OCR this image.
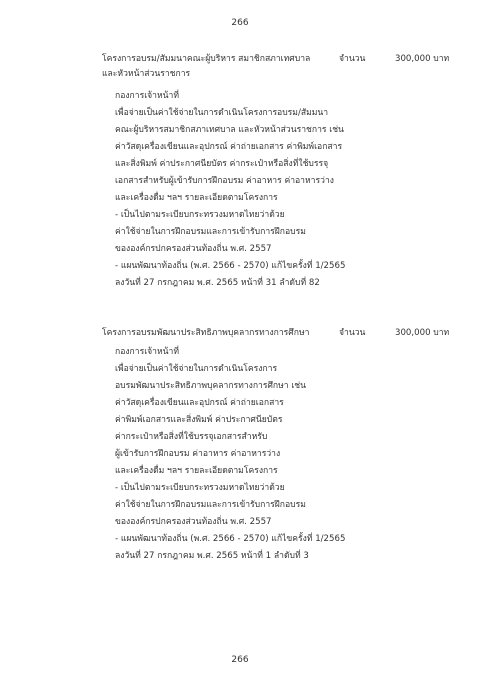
266
โครงการอบรม/สัมมนาคณะผู้บริหาร สมาชิกสภาเทศบาล และหัวหน้าส่วนราชการ
จำนวน	300,000 บาท
กองการเจ้าหน้าที่
เพื่อจ่ายเป็นค่าใช้จ่ายในการดำเนินโครงการอบรม/สัมมนา
คณะผู้บริหารสมาชิกสภาเทศบาล และหัวหน้าส่วนราชการ เช่น
ค่าวัสดุเครื่องเขียนและอุปกรณ์ ค่าถ่ายเอกสาร ค่าพิมพ์เอกสาร
และสิ่งพิมพ์ ค่าประกาศนียบัตร ค่ากระเป๋าหรือสิ่งที่ใช้บรรจุ
เอกสารสำหรับผู้เข้ารับการฝึกอบรม ค่าอาหาร ค่าอาหารว่าง
และเครื่องดื่ม ฯลฯ รายละเอียดตามโครงการ
- เป็นไปตามระเบียบกระทรวงมหาดไทยว่าด้วย
ค่าใช้จ่ายในการฝึกอบรมและการเข้ารับการฝึกอบรม
ขององค์กรปกครองส่วนท้องถิ่น พ.ศ. 2557
- แผนพัฒนาท้องถิ่น (พ.ศ. 2566 - 2570) แก้ไขครั้งที่ 1/2565
ลงวันที่ 27 กรกฎาคม พ.ศ. 2565 หน้าที่ 31 ลำดับที่ 82
โครงการอบรมพัฒนาประสิทธิภาพบุคลากรทางการศึกษา	จำนวน	300,000 บาท
กองการเจ้าหน้าที่
เพื่อจ่ายเป็นค่าใช้จ่ายในการดำเนินโครงการ
อบรมพัฒนาประสิทธิภาพบุคลากรทางการศึกษา เช่น
ค่าวัสดุเครื่องเขียนและอุปกรณ์ ค่าถ่ายเอกสาร
ค่าพิมพ์เอกสารและสิ่งพิมพ์ ค่าประกาศนียบัตร
ค่ากระเป๋าหรือสิ่งที่ใช้บรรจุเอกสารสำหรับ
ผู้เข้ารับการฝึกอบรม ค่าอาหาร ค่าอาหารว่าง
และเครื่องดื่ม ฯลฯ รายละเอียดตามโครงการ
- เป็นไปตามระเบียบกระทรวงมหาดไทยว่าด้วย
ค่าใช้จ่ายในการฝึกอบรมและการเข้ารับการฝึกอบรม
ขององค์กรปกครองส่วนท้องถิ่น พ.ศ. 2557
- แผนพัฒนาท้องถิ่น (พ.ศ. 2566 - 2570) แก้ไขครั้งที่ 1/2565
ลงวันที่ 27 กรกฎาคม พ.ศ. 2565 หน้าที่ 1 ลำดับที่ 3
266
